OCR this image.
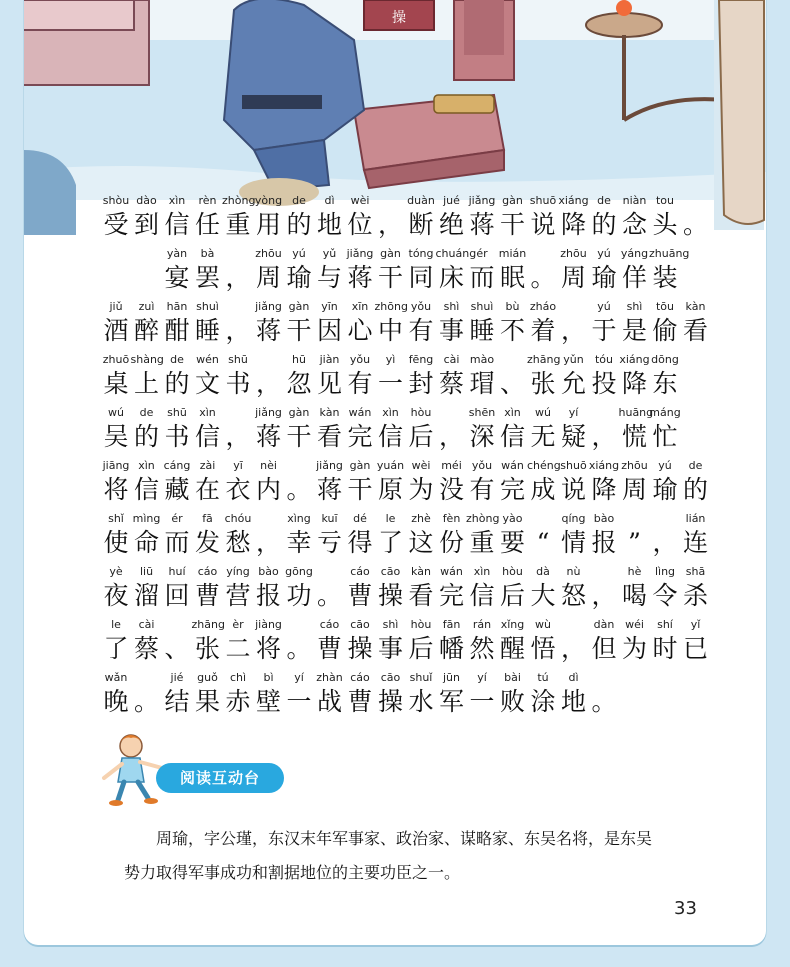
操
shòu
受
dào
到
xìn
信
rèn
任
zhòng
重
yòng
用
de
的
dì
地
wèi
位 ，
duàn
断
jué
绝
jiǎng
蒋
gàn
干
shuō
说
xiáng
降
de
的
niàn
念
tou
头 。
yàn
宴
bà
罢 ，
zhōu
周
yú
瑜
yǔ
与
jiǎng
蒋
gàn
干
tóng
同
chuáng
床
ér
而
mián
眠 。
zhōu
周
yú
瑜
yáng
佯
zhuāng
装
jiǔ
酒
zuì
醉
hān
酣
shuì
睡 ，
jiǎng
蒋
gàn
干
yīn
因
xīn
心
zhōng
中
yǒu
有
shì
事
shuì
睡
bù
不
zháo
着 ，
yú
于
shì
是
tōu
偷
kàn
看
zhuō
桌
shàng
上
de
的
wén
文
shū
书 ，
hū
忽
jiàn
见
yǒu
有
yì
一
fēng
封
cài
蔡
mào
瑁 、
zhāng
张
yǔn
允
tóu
投
xiáng
降
dōng
东
wú
吴
de
的
shū
书
xìn
信 ，
jiǎng
蒋
gàn
干
kàn
看
wán
完
xìn
信
hòu
后 ，
shēn
深
xìn
信
wú
无
yí
疑 ，
huāng
慌
máng
忙
jiāng
将
xìn
信
cáng
藏
zài
在
yī
衣
nèi
内 。
jiǎng
蒋
gàn
干
yuán
原
wèi
为
méi
没
yǒu
有
wán
完
chéng
成
shuō
说
xiáng
降
zhōu
周
yú
瑜
de
的
shǐ
使
mìng
命
ér
而
fā
发
chóu
愁 ，
xìng
幸
kuī
亏
dé
得
le
了
zhè
这
fèn
份
zhòng
重
yào
要 “
qíng
情
bào
报 ” ，
lián
连
yè
夜
liū
溜
huí
回
cáo
曹
yíng
营
bào
报
gōng
功 。
cáo
曹
cāo
操
kàn
看
wán
完
xìn
信
hòu
后
dà
大
nù
怒 ，
hè
喝
lìng
令
shā
杀
le
了
cài
蔡 、
zhāng
张
èr
二
jiàng
将 。
cáo
曹
cāo
操
shì
事
hòu
后
fān
幡
rán
然
xǐng
醒
wù
悟 ，
dàn
但
wéi
为
shí
时
yǐ
已
wǎn
晚 。
jié
结
guǒ
果
chì
赤
bì
壁
yí
一
zhàn
战
cáo
曹
cāo
操
shuǐ
水
jūn
军
yí
一
bài
败
tú
涂
dì
地 。
阅读互动台
周瑜，字公瑾，东汉末年军事家、政治家、谋略家、东吴名将，是东吴
势力取得军事成功和割据地位的主要功臣之一。
33
